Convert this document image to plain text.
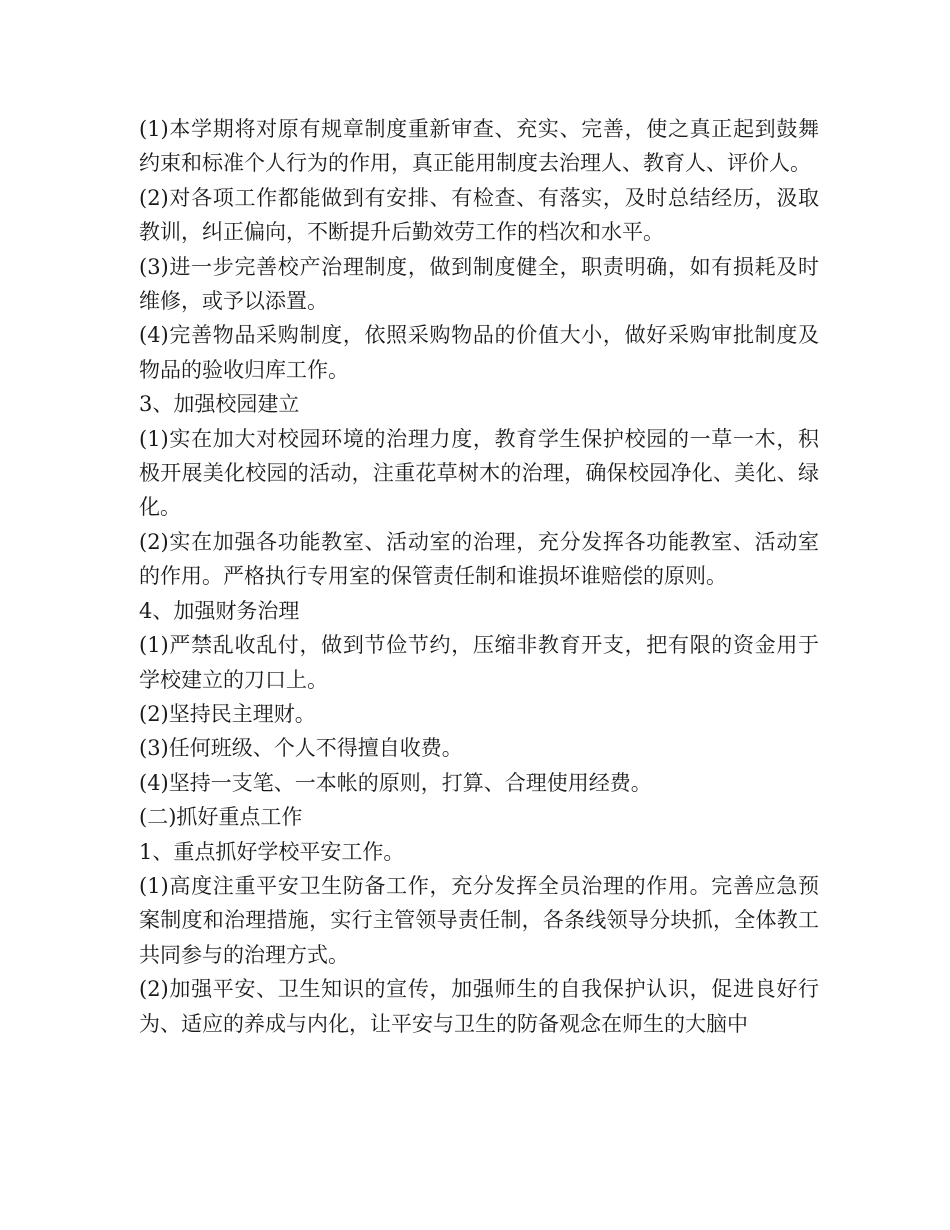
(1)本学期将对原有规章制度重新审查、充实、完善，使之真正起到鼓舞约束和标准个人行为的作用，真正能用制度去治理人、教育人、评价人。

(2)对各项工作都能做到有安排、有检查、有落实，及时总结经历，汲取教训，纠正偏向，不断提升后勤效劳工作的档次和水平。

(3)进一步完善校产治理制度，做到制度健全，职责明确，如有损耗及时维修，或予以添置。

(4)完善物品采购制度，依照采购物品的价值大小，做好采购审批制度及物品的验收归库工作。

3、加强校园建立

(1)实在加大对校园环境的治理力度，教育学生保护校园的一草一木，积极开展美化校园的活动，注重花草树木的治理，确保校园净化、美化、绿化。

(2)实在加强各功能教室、活动室的治理，充分发挥各功能教室、活动室的作用。严格执行专用室的保管责任制和谁损坏谁赔偿的原则。

4、加强财务治理

(1)严禁乱收乱付，做到节俭节约，压缩非教育开支，把有限的资金用于学校建立的刀口上。

(2)坚持民主理财。

(3)任何班级、个人不得擅自收费。

(4)坚持一支笔、一本帐的原则，打算、合理使用经费。

(二)抓好重点工作

1、重点抓好学校平安工作。

(1)高度注重平安卫生防备工作，充分发挥全员治理的作用。完善应急预案制度和治理措施，实行主管领导责任制，各条线领导分块抓，全体教工共同参与的治理方式。

(2)加强平安、卫生知识的宣传，加强师生的自我保护认识，促进良好行为、适应的养成与内化，让平安与卫生的防备观念在师生的大脑中
